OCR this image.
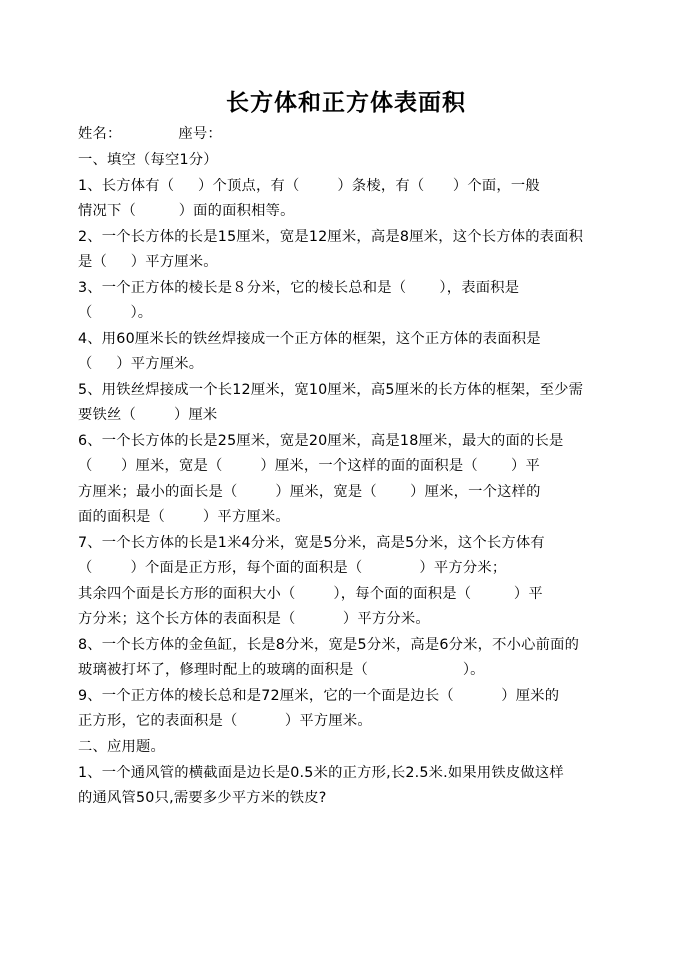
长方体和正方体表面积
姓名：            座号：
一、填空（每空1分）
1、长方体有（     ）个顶点，有（        ）条棱，有（      ）个面，一般
情况下（         ）面的面积相等。
2、一个长方体的长是15厘米，宽是12厘米，高是8厘米，这个长方体的表面积
是（     ）平方厘米。
3、一个正方体的棱长是８分米，它的棱长总和是（       ），表面积是
（        ）。
4、用60厘米长的铁丝焊接成一个正方体的框架，这个正方体的表面积是
（     ）平方厘米。
5、用铁丝焊接成一个长12厘米，宽10厘米，高5厘米的长方体的框架，至少需
要铁丝（        ）厘米
6、一个长方体的长是25厘米，宽是20厘米，高是18厘米，最大的面的长是
（      ）厘米，宽是（        ）厘米，一个这样的面的面积是（       ）平
方厘米；最小的面长是（        ）厘米，宽是（       ）厘米，一个这样的
面的面积是（        ）平方厘米。
7、一个长方体的长是1米4分米，宽是5分米，高是5分米，这个长方体有
（        ）个面是正方形，每个面的面积是（            ）平方分米；
其余四个面是长方形的面积大小（        ），每个面的面积是（         ）平
方分米；这个长方体的表面积是（          ）平方分米。
8、一个长方体的金鱼缸，长是8分米，宽是5分米，高是6分米，不小心前面的
玻璃被打坏了，修理时配上的玻璃的面积是（                    ）。
9、一个正方体的棱长总和是72厘米，它的一个面是边长（          ）厘米的
正方形，它的表面积是（          ）平方厘米。
二、应用题。
1、一个通风管的横截面是边长是0.5米的正方形,长2.5米.如果用铁皮做这样
的通风管50只,需要多少平方米的铁皮?
